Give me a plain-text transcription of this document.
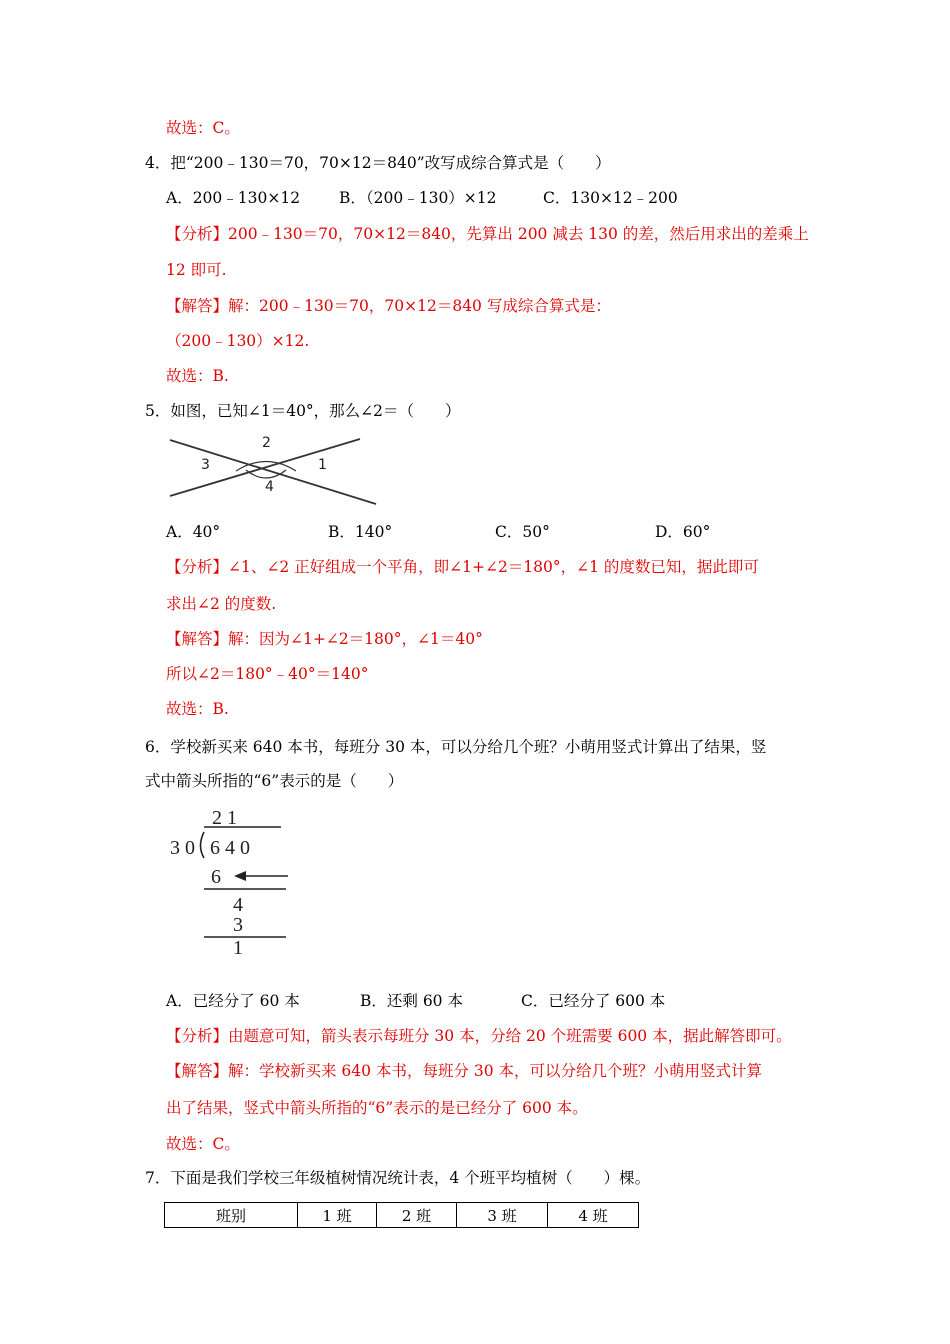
故选：C。
4．把“200﹣130＝70，70×12＝840”改写成综合算式是（　　）
A．200﹣130×12	B．（200﹣130）×12	C．130×12﹣200
【分析】200﹣130＝70，70×12＝840，先算出 200 减去 130 的差，然后用求出的差乘上
12 即可.
【解答】解：200﹣130＝70，70×12＝840 写成综合算式是：
（200﹣130）×12.
故选：B.
5．如图，已知∠1＝40°，那么∠2＝（　　）
2
3	1
4
A．40°	B．140°	C．50°	D．60°
【分析】∠1、∠2 正好组成一个平角，即∠1+∠2＝180°，∠1 的度数已知，据此即可
求出∠2 的度数.
【解答】解：因为∠1+∠2＝180°，∠1＝40°
所以∠2＝180°﹣40°＝140°
故选：B.
6．学校新买来 640 本书，每班分 30 本，可以分给几个班？小萌用竖式计算出了结果，竖
式中箭头所指的“6”表示的是（　　）
2 1
3 0 6 4 0
6
4
3
1
A．已经分了 60 本	B．还剩 60 本	C．已经分了 600 本
【分析】由题意可知，箭头表示每班分 30 本，分给 20 个班需要 600 本，据此解答即可。
【解答】解：学校新买来 640 本书，每班分 30 本，可以分给几个班？小萌用竖式计算
出了结果，竖式中箭头所指的“6”表示的是已经分了 600 本。
故选：C。
7．下面是我们学校三年级植树情况统计表，4 个班平均植树（　　）棵。
班别	1 班	2 班	3 班	4 班
